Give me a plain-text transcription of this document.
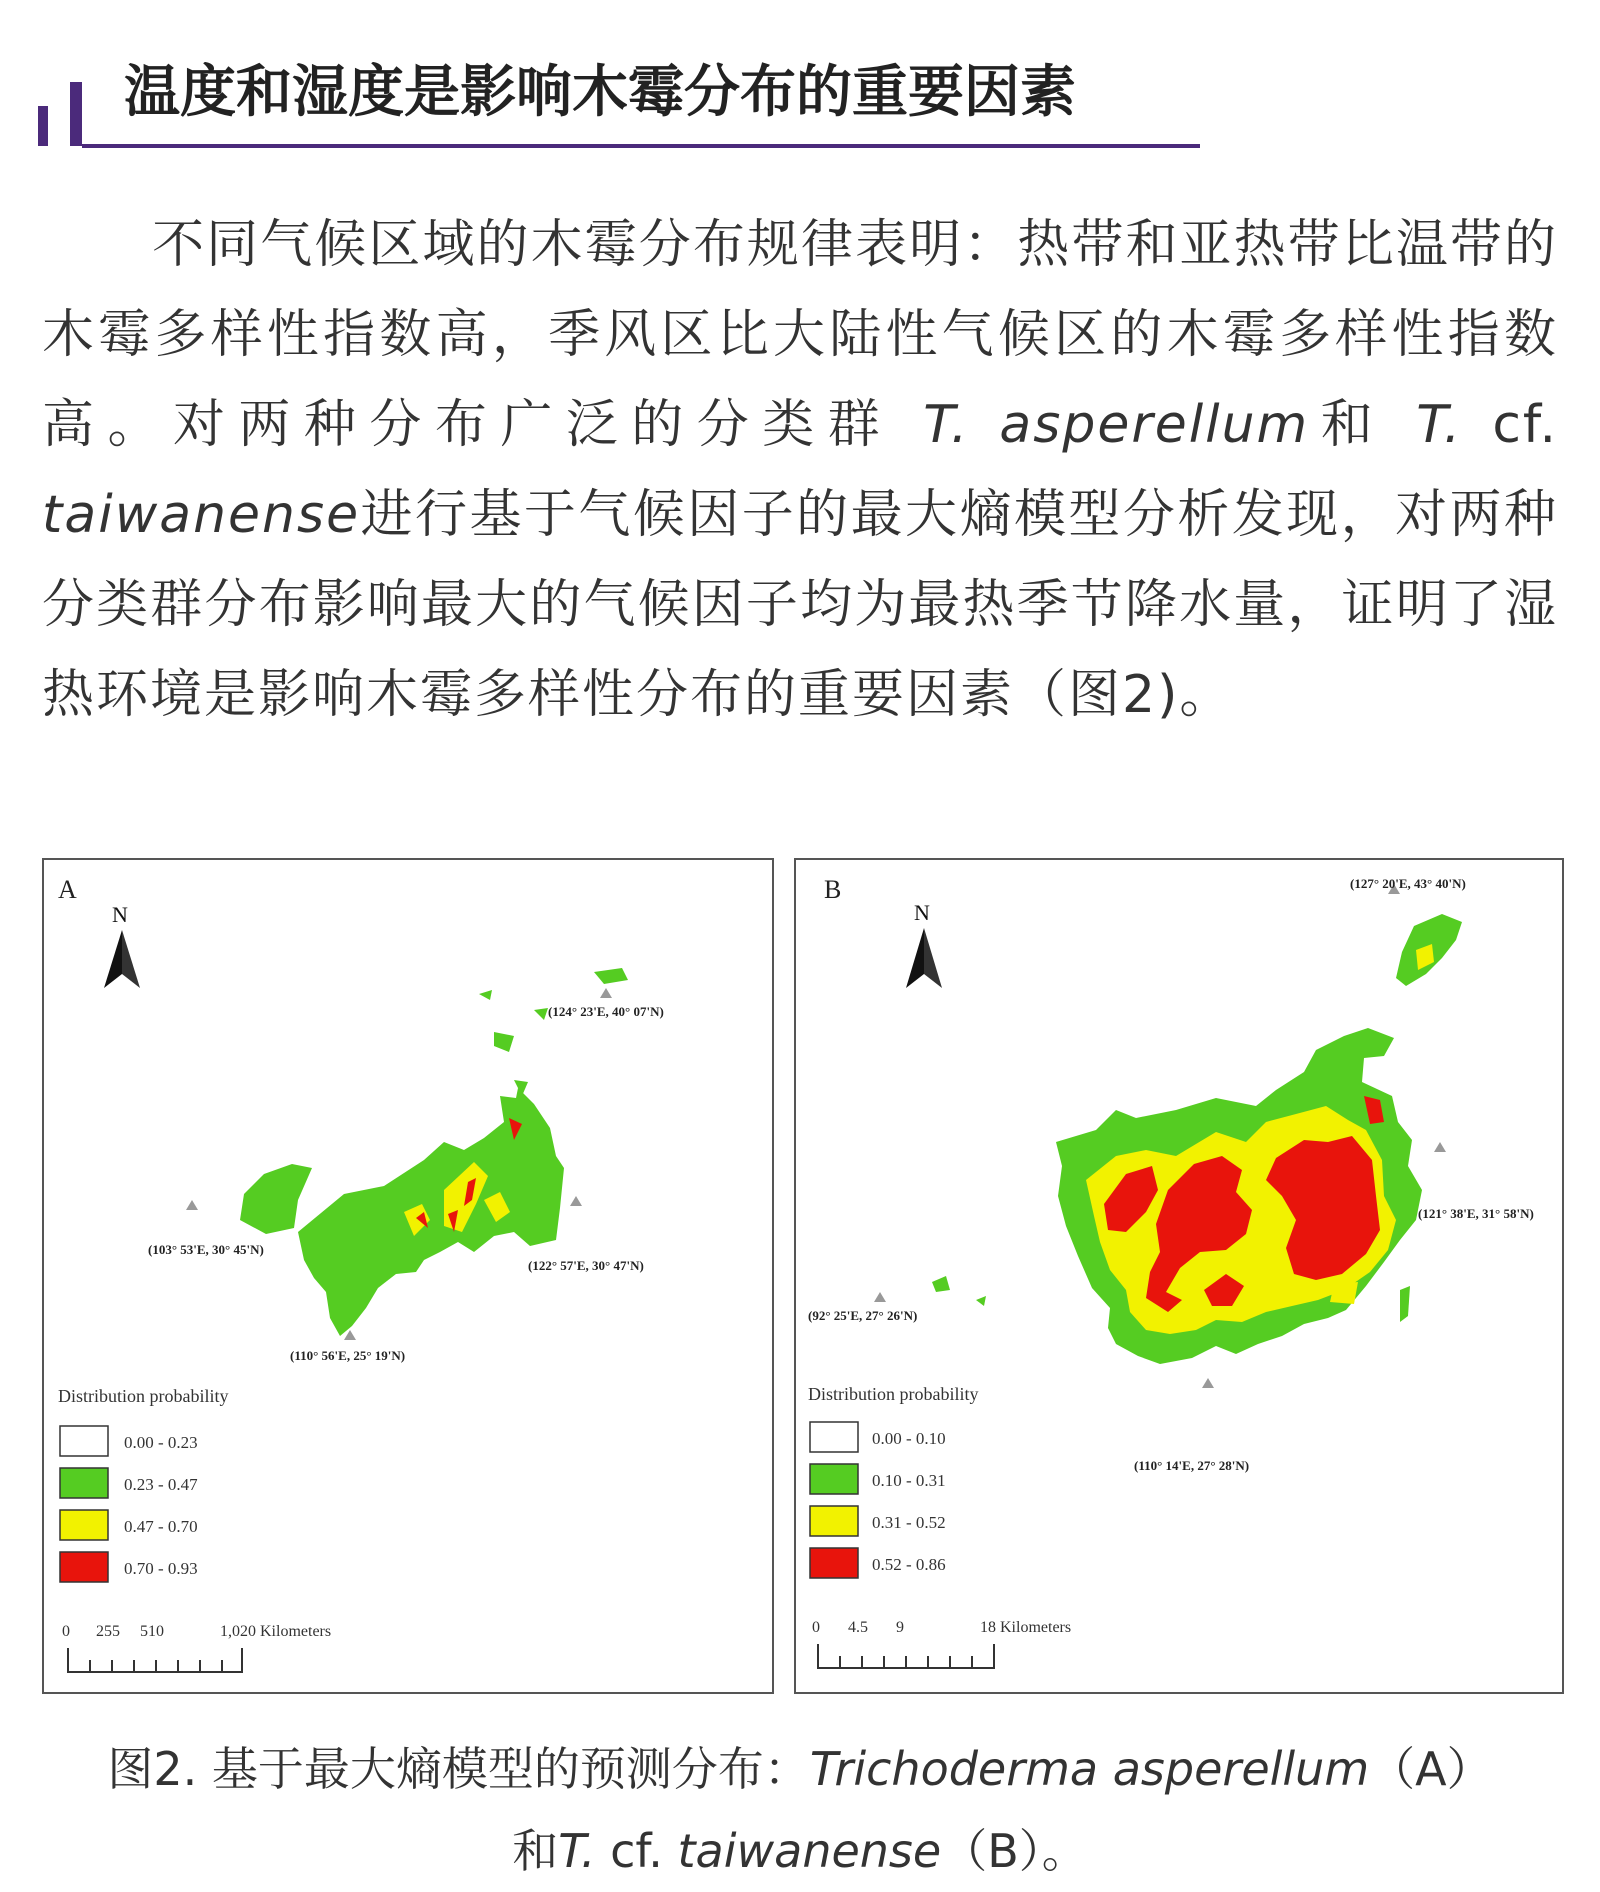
温度和湿度是影响木霉分布的重要因素
不同气候区域的木霉分布规律表明：热带和亚热带比温带的木霉多样性指数高，季风区比大陆性气候区的木霉多样性指数高。对两种分布广泛的分类群 T. asperellum和 T. cf. taiwanense进行基于气候因子的最大熵模型分析发现，对两种分类群分布影响最大的气候因子均为最热季节降水量，证明了湿热环境是影响木霉多样性分布的重要因素（图2)。
A
N
(124° 23'E, 40° 07'N)
(103° 53'E, 30° 45'N)
(122° 57'E, 30° 47'N)
(110° 56'E, 25° 19'N)
Distribution probability
0.00 - 0.23
0.23 - 0.47
0.47 - 0.70
0.70 - 0.93
0 255 510	1,020 Kilometers
B
N
(127° 20'E, 43° 40'N)
(121° 38'E, 31° 58'N)
(92° 25'E, 27° 26'N)
(110° 14'E, 27° 28'N)
Distribution probability
0.00 - 0.10
0.10 - 0.31
0.31 - 0.52
0.52 - 0.86
0 4.5 9	18 Kilometers
图2. 基于最大熵模型的预测分布：Trichoderma asperellum（A）
和T. cf. taiwanense（B）。
